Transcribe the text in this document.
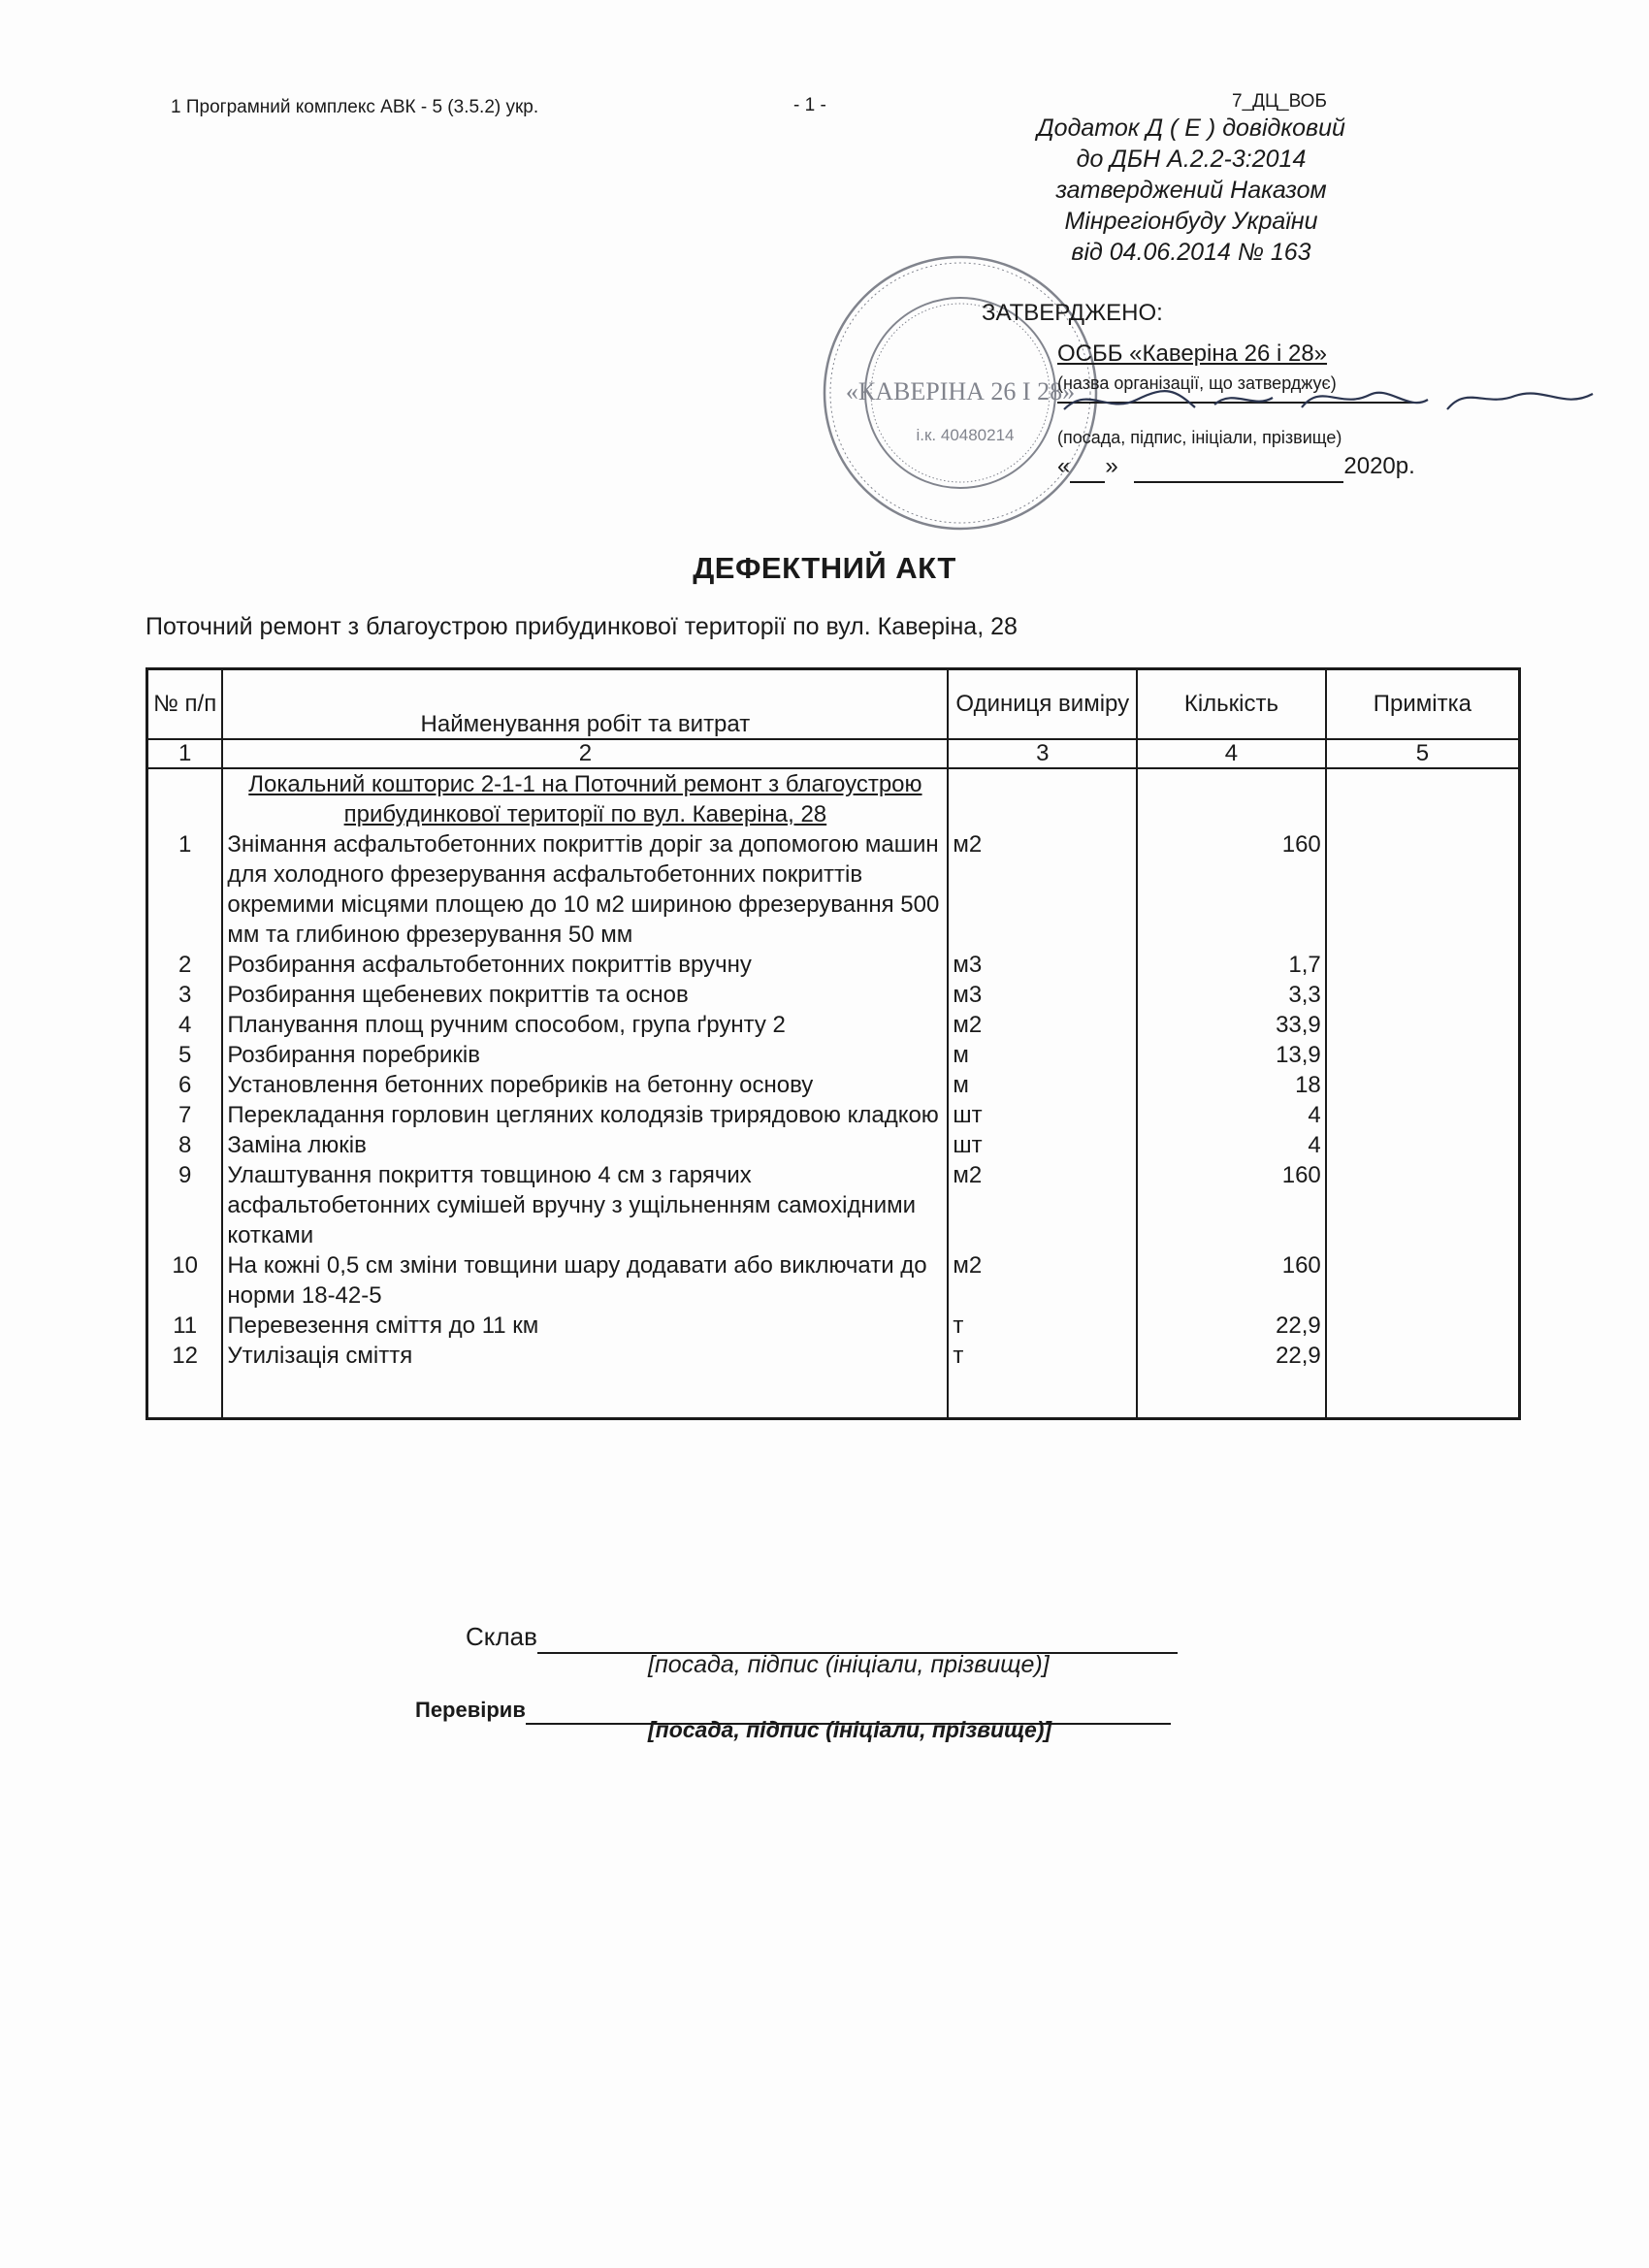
1 Програмний комплекс АВК - 5 (3.5.2) укр.	- 1 -	7_ДЦ_ВОБ
Додаток Д ( Е ) довідковий
до ДБН А.2.2-3:2014
затверджений Наказом
Мінрегіонбуду України
від 04.06.2014 № 163
«КАВЕРІНА 26 І 28»
і.к. 40480214
ЗАТВЕРДЖЕНО:
ОСББ «Каверіна 26 і 28»
(назва організації, що затверджує)
(посада, підпис, ініціали, прізвище)
« »	2020р.
ДЕФЕКТНИЙ АКТ
Поточний ремонт з благоустрою прибудинкової території по вул. Каверіна, 28
№ п/п	Найменування робіт та витрат	Одиниця виміру	Кількість	Примітка
1	2	3	4	5
	Локальний кошторис 2-1-1 на Поточний ремонт з благоустрою прибудинкової території по вул. Каверіна, 28			
1	Знімання асфальтобетонних покриттів доріг за допомогою машин для холодного фрезерування асфальтобетонних покриттів окремими місцями площею до 10 м2 шириною фрезерування 500 мм та глибиною фрезерування 50 мм	м2	160	
2	Розбирання асфальтобетонних покриттів вручну	м3	1,7	
3	Розбирання щебеневих покриттів та основ	м3	3,3	
4	Планування площ ручним способом, група ґрунту 2	м2	33,9	
5	Розбирання поребриків	м	13,9	
6	Установлення бетонних поребриків на бетонну основу	м	18	
7	Перекладання горловин цегляних колодязів трирядовою кладкою	шт	4	
8	Заміна люків	шт	4	
9	Улаштування покриття товщиною 4 см з гарячих асфальтобетонних сумішей вручну з ущільненням самохідними котками	м2	160	
10	На кожні 0,5 см зміни товщини шару додавати або виключати до норми 18-42-5	м2	160	
11	Перевезення сміття до 11 км	т	22,9	
12	Утилізація сміття	т	22,9	

Склав
[посада, підпис (ініціали, прізвище)]
Перевірив
[посада, підпис (ініціали, прізвище)]
